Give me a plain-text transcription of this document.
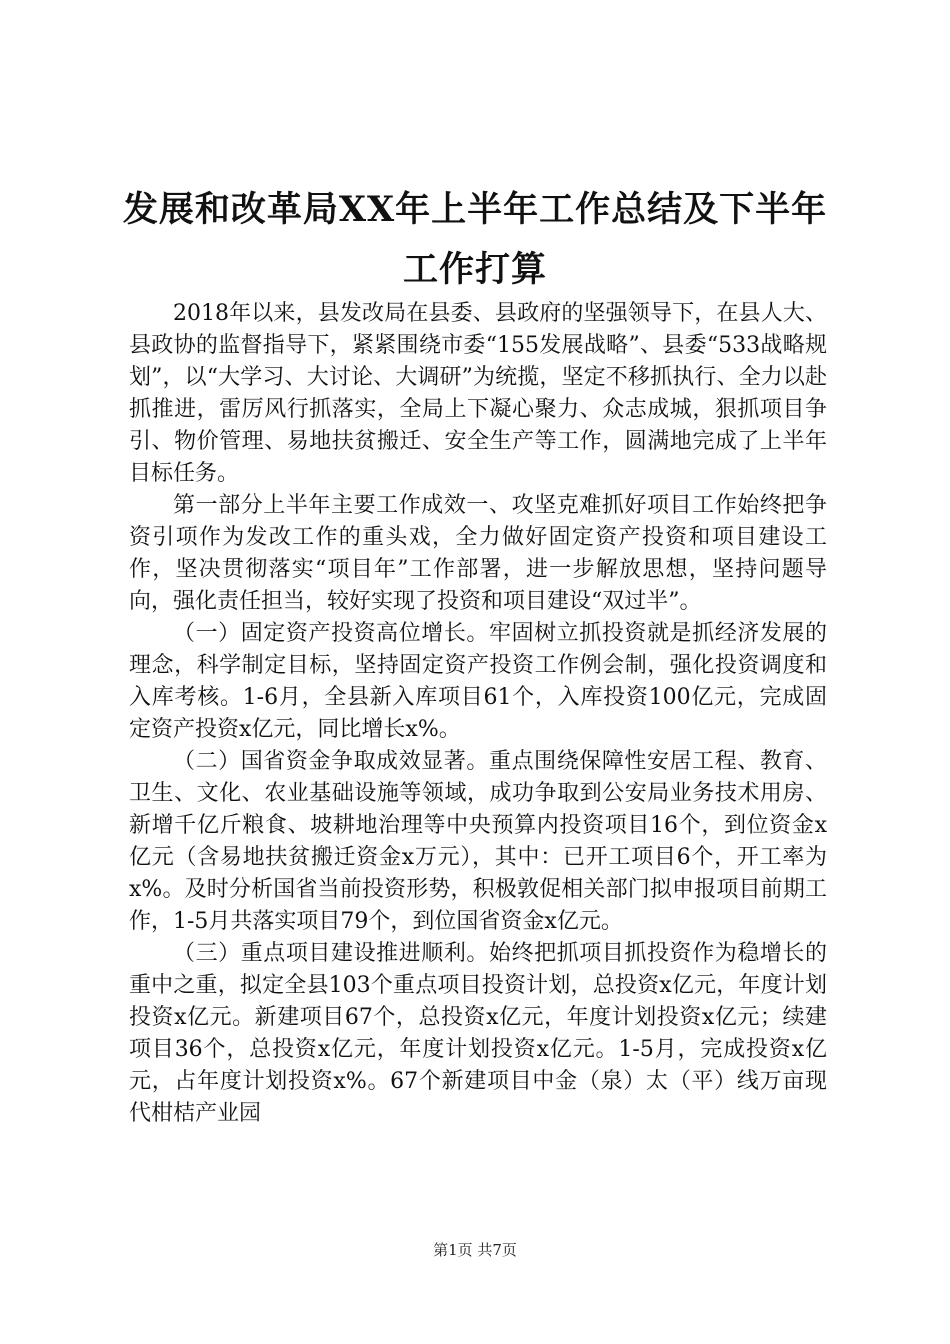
发展和改革局XX年上半年工作总结及下半年
工作打算

2018年以来，县发改局在县委、县政府的坚强领导下，在县人大、县政协的监督指导下，紧紧围绕市委“155发展战略”、县委“533战略规划”，以“大学习、大讨论、大调研”为统揽，坚定不移抓执行、全力以赴抓推进，雷厉风行抓落实，全局上下凝心聚力、众志成城，狠抓项目争引、物价管理、易地扶贫搬迁、安全生产等工作，圆满地完成了上半年目标任务。

第一部分上半年主要工作成效一、攻坚克难抓好项目工作始终把争资引项作为发改工作的重头戏，全力做好固定资产投资和项目建设工作，坚决贯彻落实“项目年”工作部署，进一步解放思想，坚持问题导向，强化责任担当，较好实现了投资和项目建设“双过半”。

（一）固定资产投资高位增长。牢固树立抓投资就是抓经济发展的理念，科学制定目标，坚持固定资产投资工作例会制，强化投资调度和入库考核。1-6月，全县新入库项目61个，入库投资100亿元，完成固定资产投资x亿元，同比增长x%。

（二）国省资金争取成效显著。重点围绕保障性安居工程、教育、卫生、文化、农业基础设施等领域，成功争取到公安局业务技术用房、新增千亿斤粮食、坡耕地治理等中央预算内投资项目16个，到位资金x亿元（含易地扶贫搬迁资金x万元），其中：已开工项目6个，开工率为x%。及时分析国省当前投资形势，积极敦促相关部门拟申报项目前期工作，1-5月共落实项目79个，到位国省资金x亿元。

（三）重点项目建设推进顺利。始终把抓项目抓投资作为稳增长的重中之重，拟定全县103个重点项目投资计划，总投资x亿元，年度计划投资x亿元。新建项目67个，总投资x亿元，年度计划投资x亿元；续建项目36个，总投资x亿元，年度计划投资x亿元。1-5月，完成投资x亿元，占年度计划投资x%。67个新建项目中金（泉）太（平）线万亩现代柑桔产业园

第1页 共7页
